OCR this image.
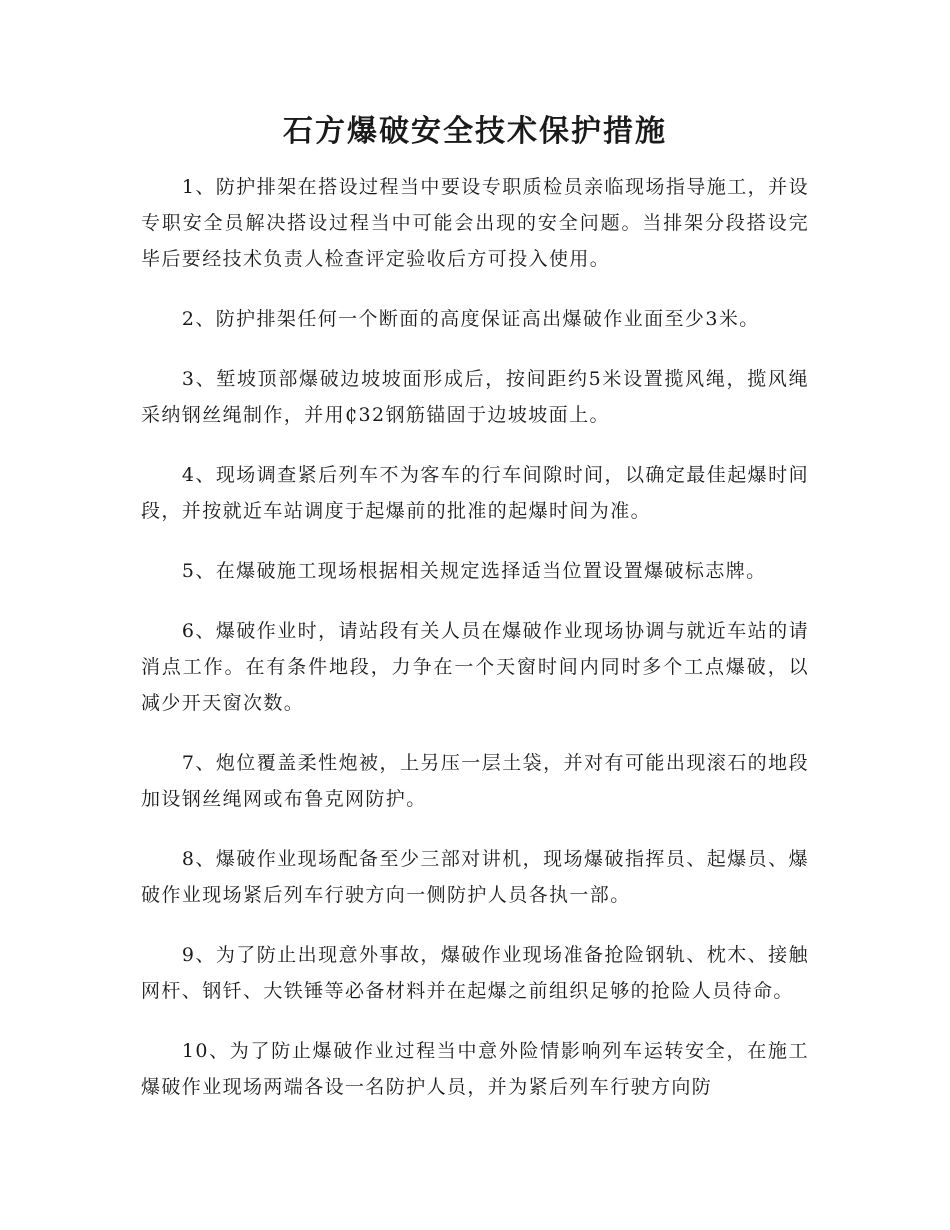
石方爆破安全技术保护措施

1、防护排架在搭设过程当中要设专职质检员亲临现场指导施工，并设专职安全员解决搭设过程当中可能会出现的安全问题。当排架分段搭设完毕后要经技术负责人检查评定验收后方可投入使用。

2、防护排架任何一个断面的高度保证高出爆破作业面至少3米。

3、堑坡顶部爆破边坡坡面形成后，按间距约5米设置揽风绳，揽风绳采纳钢丝绳制作，并用₵32钢筋锚固于边坡坡面上。

4、现场调查紧后列车不为客车的行车间隙时间，以确定最佳起爆时间段，并按就近车站调度于起爆前的批准的起爆时间为准。

5、在爆破施工现场根据相关规定选择适当位置设置爆破标志牌。

6、爆破作业时，请站段有关人员在爆破作业现场协调与就近车站的请消点工作。在有条件地段，力争在一个天窗时间内同时多个工点爆破，以减少开天窗次数。

7、炮位覆盖柔性炮被，上另压一层土袋，并对有可能出现滚石的地段加设钢丝绳网或布鲁克网防护。

8、爆破作业现场配备至少三部对讲机，现场爆破指挥员、起爆员、爆破作业现场紧后列车行驶方向一侧防护人员各执一部。

9、为了防止出现意外事故，爆破作业现场准备抢险钢轨、枕木、接触网杆、钢钎、大铁锤等必备材料并在起爆之前组织足够的抢险人员待命。

10、为了防止爆破作业过程当中意外险情影响列车运转安全，在施工爆破作业现场两端各设一名防护人员，并为紧后列车行驶方向防
